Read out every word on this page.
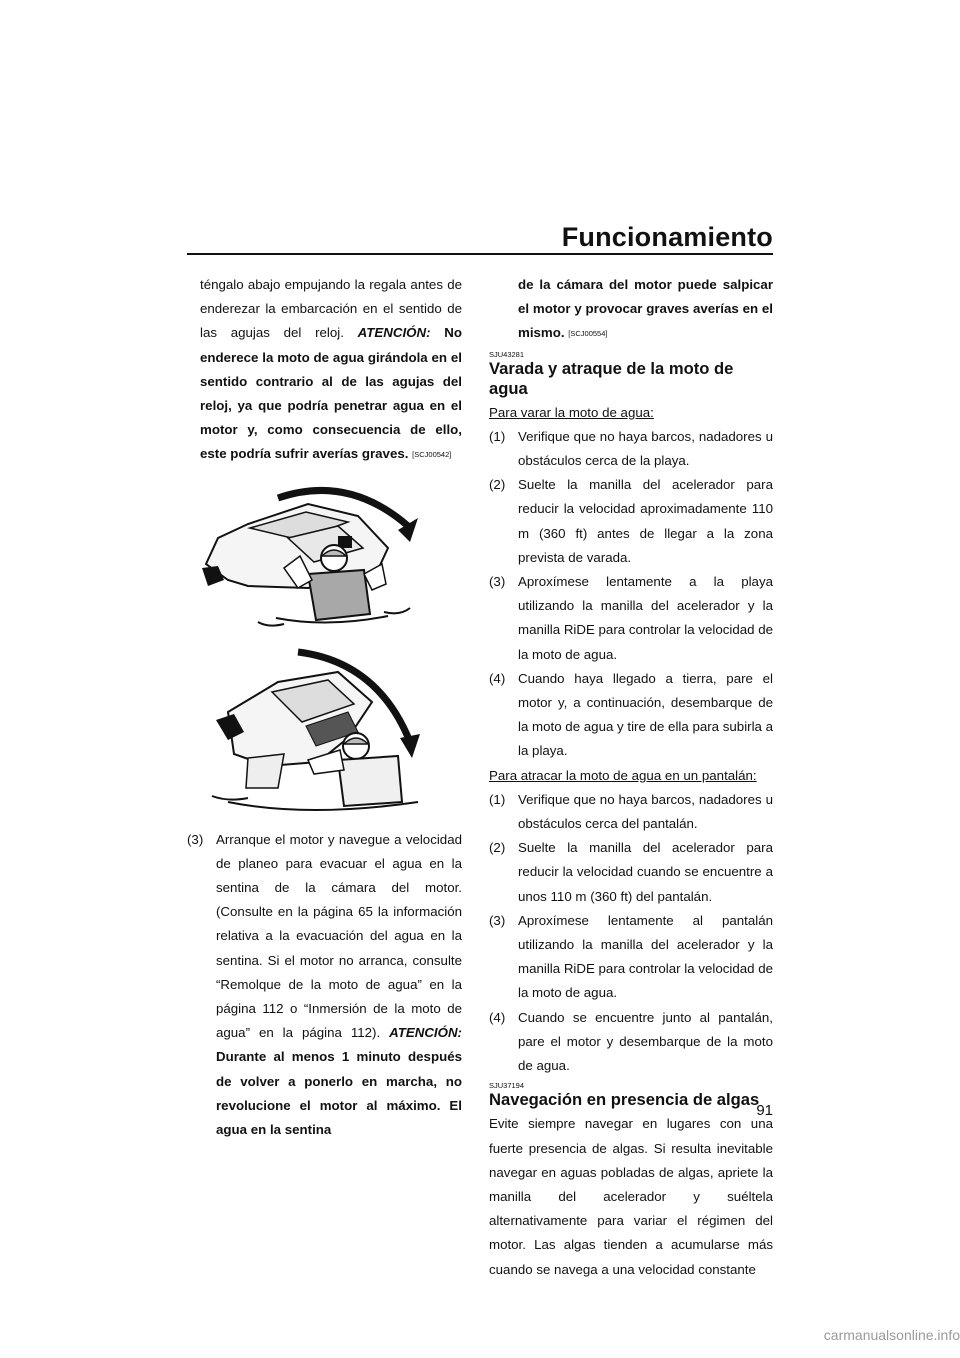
Funcionamiento
téngalo abajo empujando la regala antes de enderezar la embarcación en el sentido de las agujas del reloj. ATENCIÓN: No enderece la moto de agua girándola en el sentido contrario al de las agujas del reloj, ya que podría penetrar agua en el motor y, como consecuencia de ello, este podría sufrir averías graves. [SCJ00542]
(3) Arranque el motor y navegue a velocidad de planeo para evacuar el agua en la sentina de la cámara del motor. (Consulte en la página 65 la información relativa a la evacuación del agua en la sentina. Si el motor no arranca, consulte “Remolque de la moto de agua” en la página 112 o “Inmersión de la moto de agua” en la página 112). ATENCIÓN: Durante al menos 1 minuto después de volver a ponerlo en marcha, no revolucione el motor al máximo. El agua en la sentina
de la cámara del motor puede salpicar el motor y provocar graves averías en el mismo. [SCJ00554]
SJU43281
Varada y atraque de la moto de agua
Para varar la moto de agua:
(1) Verifique que no haya barcos, nadadores u obstáculos cerca de la playa.
(2) Suelte la manilla del acelerador para reducir la velocidad aproximadamente 110 m (360 ft) antes de llegar a la zona prevista de varada.
(3) Aproxímese lentamente a la playa utilizando la manilla del acelerador y la manilla RiDE para controlar la velocidad de la moto de agua.
(4) Cuando haya llegado a tierra, pare el motor y, a continuación, desembarque de la moto de agua y tire de ella para subirla a la playa.
Para atracar la moto de agua en un pantalán:
(1) Verifique que no haya barcos, nadadores u obstáculos cerca del pantalán.
(2) Suelte la manilla del acelerador para reducir la velocidad cuando se encuentre a unos 110 m (360 ft) del pantalán.
(3) Aproxímese lentamente al pantalán utilizando la manilla del acelerador y la manilla RiDE para controlar la velocidad de la moto de agua.
(4) Cuando se encuentre junto al pantalán, pare el motor y desembarque de la moto de agua.
SJU37194
Navegación en presencia de algas
Evite siempre navegar en lugares con una fuerte presencia de algas. Si resulta inevitable navegar en aguas pobladas de algas, apriete la manilla del acelerador y suéltela alternativamente para variar el régimen del motor. Las algas tienden a acumularse más cuando se navega a una velocidad constante
91
carmanualsonline.info
